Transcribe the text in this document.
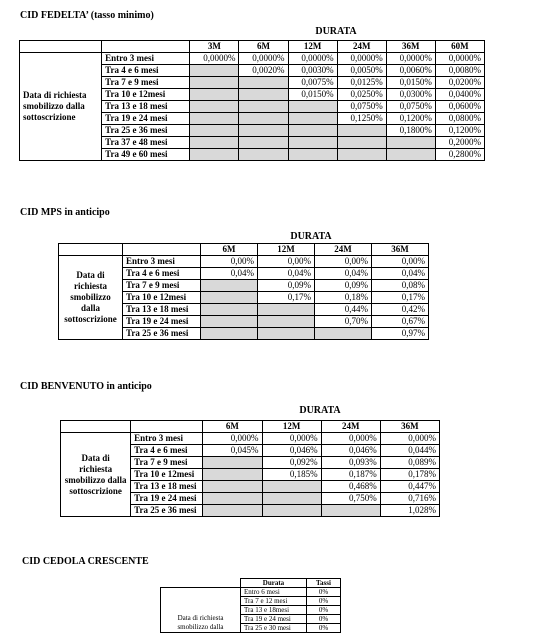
CID FEDELTA’ (tasso minimo)
DURATA
		3M	6M	12M	24M	36M	60M
Data di richiesta smobilizzo dalla sottoscrizione	Entro 3 mesi	0,0000%	0,0000%	0,0000%	0,0000%	0,0000%	0,0000%
	Tra 4 e 6 mesi		0,0020%	0,0030%	0,0050%	0,0060%	0,0080%
	Tra 7 e 9 mesi			0,0075%	0,0125%	0,0150%	0,0200%
	Tra 10 e 12mesi			0,0150%	0,0250%	0,0300%	0,0400%
	Tra 13 e 18 mesi				0,0750%	0,0750%	0,0600%
	Tra 19 e 24 mesi				0,1250%	0,1200%	0,0800%
	Tra 25 e 36 mesi					0,1800%	0,1200%
	Tra 37 e 48 mesi						0,2000%
	Tra 49 e 60 mesi						0,2800%
CID MPS in anticipo
DURATA
		6M	12M	24M	36M
Data di richiesta smobilizzo dalla sottoscrizione	Entro 3 mesi	0,00%	0,00%	0,00%	0,00%
	Tra 4 e 6 mesi	0,04%	0,04%	0,04%	0,04%
	Tra 7 e 9 mesi		0,09%	0,09%	0,08%
	Tra 10 e 12mesi		0,17%	0,18%	0,17%
	Tra 13 e 18 mesi			0,44%	0,42%
	Tra 19 e 24 mesi			0,70%	0,67%
	Tra 25 e 36 mesi				0,97%
CID BENVENUTO in anticipo
DURATA
		6M	12M	24M	36M
Data di richiesta smobilizzo dalla sottoscrizione	Entro 3 mesi	0,000%	0,000%	0,000%	0,000%
	Tra 4 e 6 mesi	0,045%	0,046%	0,046%	0,044%
	Tra 7 e 9 mesi		0,092%	0,093%	0,089%
	Tra 10 e 12mesi		0,185%	0,187%	0,178%
	Tra 13 e 18 mesi			0,468%	0,447%
	Tra 19 e 24 mesi			0,750%	0,716%
	Tra 25 e 36 mesi				1,028%
CID CEDOLA CRESCENTE
	Durata	Tassi
Data di richiesta smobilizzo dalla	Entro 6 mesi	0%
	Tra 7 e 12 mesi	0%
	Tra 13 e 18mesi	0%
	Tra 19 e 24 mesi	0%
	Tra 25 e 30 mesi	0%
